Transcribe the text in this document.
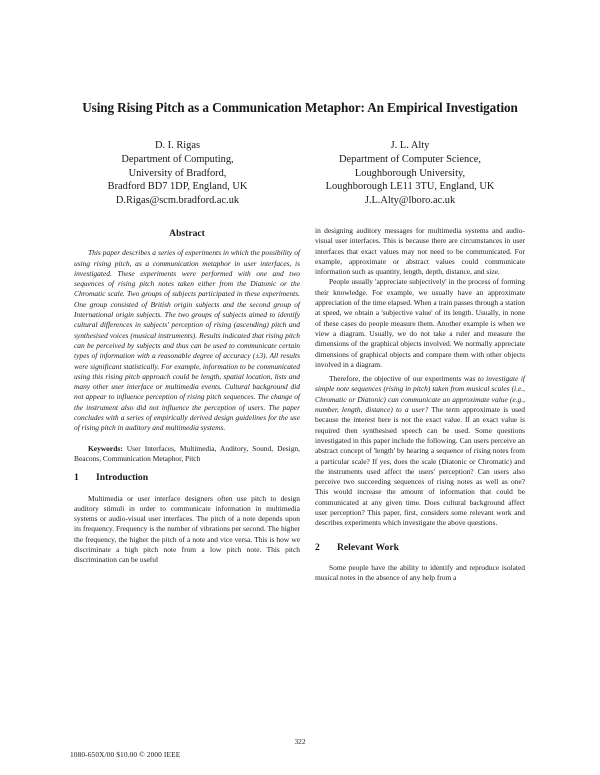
Using Rising Pitch as a Communication Metaphor: An Empirical Investigation
D. I. Rigas
Department of Computing,
University of Bradford,
Bradford BD7 1DP, England, UK
D.Rigas@scm.bradford.ac.uk
J. L. Alty
Department of Computer Science,
Loughborough University,
Loughborough LE11 3TU, England, UK
J.L.Alty@lboro.ac.uk
Abstract

This paper describes a series of experiments in which the possibility of using rising pitch, as a communication metaphor in user interfaces, is investigated. These experiments were performed with one and two sequences of rising pitch notes taken either from the Diatonic or the Chromatic scale. Two groups of subjects participated in these experiments. One group consisted of British origin subjects and the second group of International origin subjects. The two groups of subjects aimed to identify cultural differences in subjects' perception of rising (ascending) pitch and synthesised voices (musical instruments). Results indicated that rising pitch can be perceived by subjects and thus can be used to communicate certain types of information with a reasonable degree of accuracy (±3). All results were significant statistically. For example, information to be communicated using this rising pitch approach could be length, spatial location, lists and many other user interface or multimedia events. Cultural background did not appear to influence perception of rising pitch sequences. The change of the instrument also did not influence the perception of users. The paper concludes with a series of empirically derived design guidelines for the use of rising pitch in auditory and multimedia systems.

Keywords: User Interfaces, Multimedia, Auditory, Sound, Design, Beacons, Communication Metaphor, Pitch

1 Introduction

Multimedia or user interface designers often use pitch to design auditory stimuli in order to communicate information in multimedia systems or audio-visual user interfaces. The pitch of a note depends upon its frequency. Frequency is the number of vibrations per second. The higher the frequency, the higher the pitch of a note and vice versa. This is how we discriminate a high pitch note from a low pitch note. This pitch discrimination can be useful

in designing auditory messages for multimedia systems and audio-visual user interfaces. This is because there are circumstances in user interfaces that exact values may not need to be communicated. For example, approximate or abstract values could communicate information such as quantity, length, depth, distance, and size.

People usually 'appreciate subjectively' in the process of forming their knowledge. For example, we usually have an approximate appreciation of the time elapsed. When a train passes through a station at speed, we obtain a 'subjective value' of its length. Usually, in none of these cases do people measure them. Another example is when we view a diagram. Usually, we do not take a ruler and measure the dimensions of the graphical objects involved. We normally appreciate dimensions of graphical objects and compare them with other objects involved in a diagram.

Therefore, the objective of our experiments was to investigate if simple note sequences (rising in pitch) taken from musical scales (i.e., Chromatic or Diatonic) can communicate an approximate value (e.g., number, length, distance) to a user? The term approximate is used because the interest here is not the exact value. If an exact value is required then synthesised speech can be used. Some questions investigated in this paper include the following. Can users perceive an abstract concept of 'length' by hearing a sequence of rising notes from a particular scale? If yes, does the scale (Diatonic or Chromatic) and the instruments used affect the users' perception? Can users also perceive two succeeding sequences of rising notes as well as one? This would increase the amount of information that could be communicated at any given time. Does cultural background affect user perception? This paper, first, considers some relevant work and describes experiments which investigate the above questions.

2 Relevant Work

Some people have the ability to identify and reproduce isolated musical notes in the absence of any help from a

322
1080-650X/00 $10.00 © 2000 IEEE
